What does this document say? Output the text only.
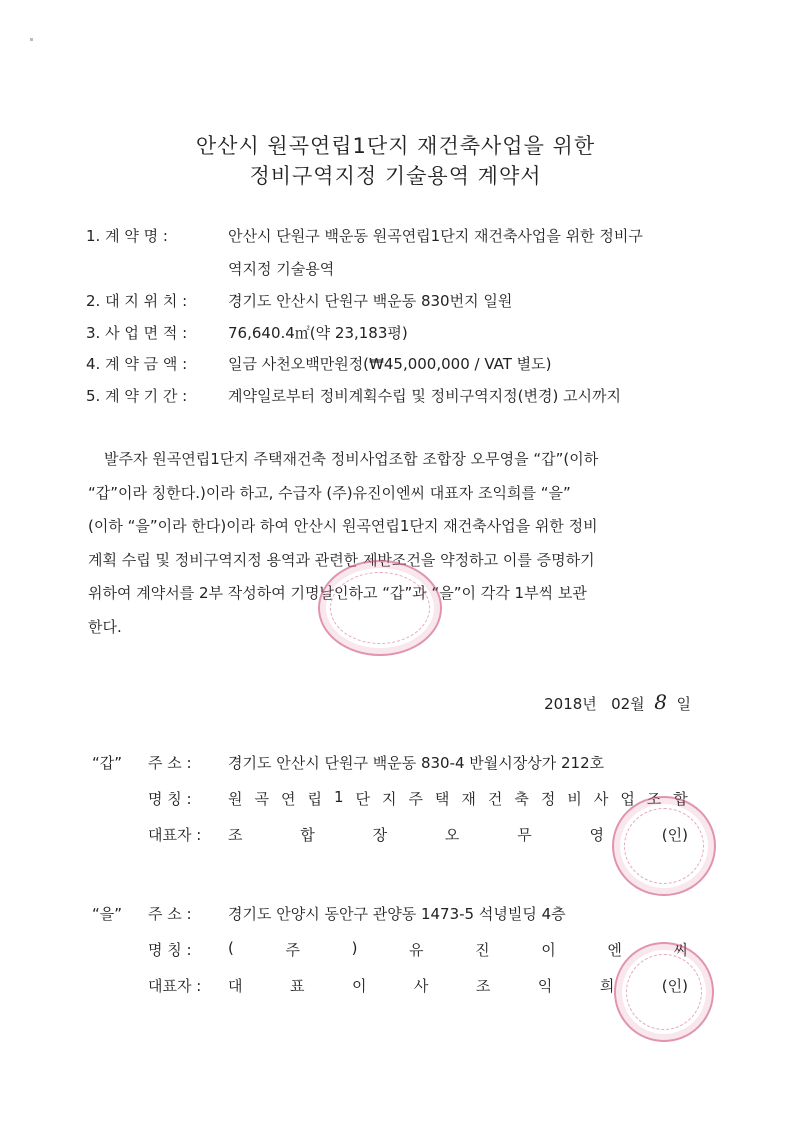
안산시 원곡연립1단지 재건축사업을 위한
정비구역지정 기술용역 계약서
1. 계 약 명 :	안산시 단원구 백운동 원곡연립1단지 재건축사업을 위한 정비구
역지정 기술용역
2. 대 지 위 치 :	경기도 안산시 단원구 백운동 830번지 일원
3. 사 업 면 적 :	76,640.4㎡(약 23,183평)
4. 계 약 금 액 :	일금 사천오백만원정(₩45,000,000 / VAT 별도)
5. 계 약 기 간 :	계약일로부터 정비계획수립 및 정비구역지정(변경) 고시까지
발주자 원곡연립1단지 주택재건축 정비사업조합 조합장 오무영을 “갑”(이하
“갑”이라 칭한다.)이라 하고, 수급자 (주)유진이엔씨 대표자 조익희를 “을”
(이하 “을”이라 한다)이라 하여 안산시 원곡연립1단지 재건축사업을 위한 정비
계획 수립 및 정비구역지정 용역과 관련한 제반조건을 약정하고 이를 증명하기
위하여 계약서를 2부 작성하여 기명날인하고 “갑”과 “을”이 각각 1부씩 보관
한다.
2018년 02월 8 일
“갑”	주 소 :	경기도 안산시 단원구 백운동 830-4 반월시장상가 212호
명 칭 :	원 곡 연 립 1 단 지 주 택 재 건 축 정 비 사 업 조 합
대표자 :	조	합	장	오	무	영	(인)
“을”	주 소 :	경기도 안양시 동안구 관양동 1473-5 석녕빌딩 4층
명 칭 :	(	주	)	유	진	이	엔	씨
대표자 :	대	표	이	사	조	익	희	(인)
